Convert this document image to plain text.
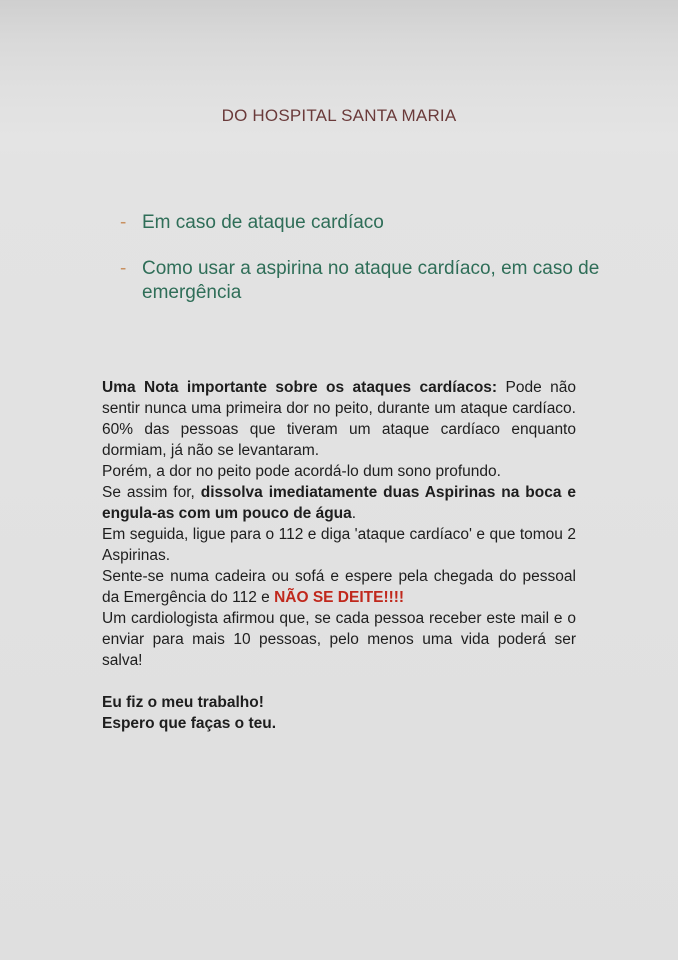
DO HOSPITAL SANTA MARIA
- Em caso de ataque cardíaco
- Como usar a aspirina no ataque cardíaco, em caso de emergência

Uma Nota importante sobre os ataques cardíacos: Pode não sentir nunca uma primeira dor no peito, durante um ataque cardíaco. 60% das pessoas que tiveram um ataque cardíaco enquanto dormiam, já não se levantaram.

Porém, a dor no peito pode acordá-lo dum sono profundo.

Se assim for, dissolva imediatamente duas Aspirinas na boca e engula-as com um pouco de água.

Em seguida, ligue para o 112 e diga 'ataque cardíaco' e que tomou 2 Aspirinas.

Sente-se numa cadeira ou sofá e espere pela chegada do pessoal da Emergência do 112 e NÃO SE DEITE!!!!

Um cardiologista afirmou que, se cada pessoa receber este mail e o enviar para mais 10 pessoas, pelo menos uma vida poderá ser salva!

Eu fiz o meu trabalho!

Espero que faças o teu.
